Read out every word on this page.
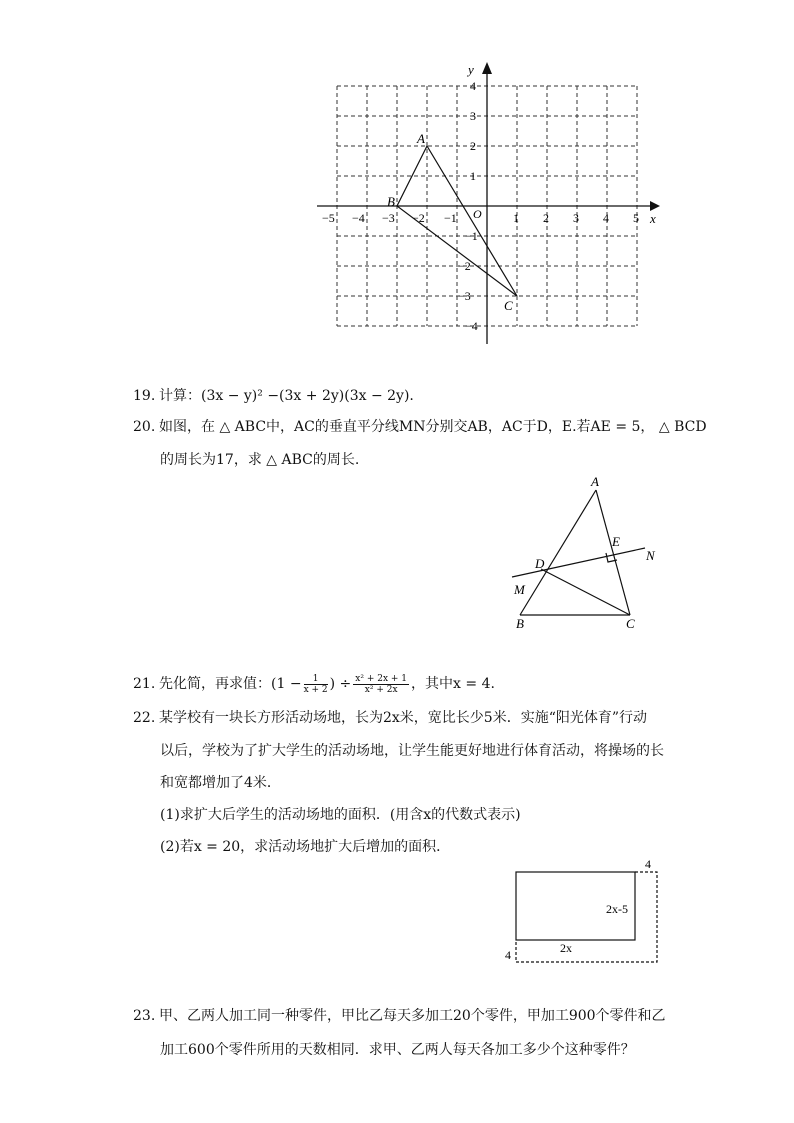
x
y
O
−5 −4 −3 −2 −1	1 2 3 4 5
4
3
2
1
−1
−2
−3
−4
A
B
C
19. 计算：(3x − y)² −(3x + 2y)(3x − 2y).
20. 如图，在 △ ABC中，AC的垂直平分线MN分别交AB，AC于D，E.若AE = 5， △ BCD
的周长为17，求 △ ABC的周长.
A
B	C
D
E
M
N
21. 先化简，再求值：($1 - \frac{1}{x + 2}$ ) ÷ $\frac{\text{x² + 2x + 1}}{\text{x² + 2x}}$ ，其中x = 4.
22. 某学校有一块长方形活动场地，长为2x米，宽比长少5米．实施“阳光体育”行动
以后，学校为了扩大学生的活动场地，让学生能更好地进行体育活动，将操场的长
和宽都增加了4米．
(1)求扩大后学生的活动场地的面积．(用含x的代数式表示)
(2)若x = 20，求活动场地扩大后增加的面积．
4
2x-5
2x
4
23. 甲、乙两人加工同一种零件，甲比乙每天多加工20个零件，甲加工900个零件和乙
加工600个零件所用的天数相同．求甲、乙两人每天各加工多少个这种零件？
